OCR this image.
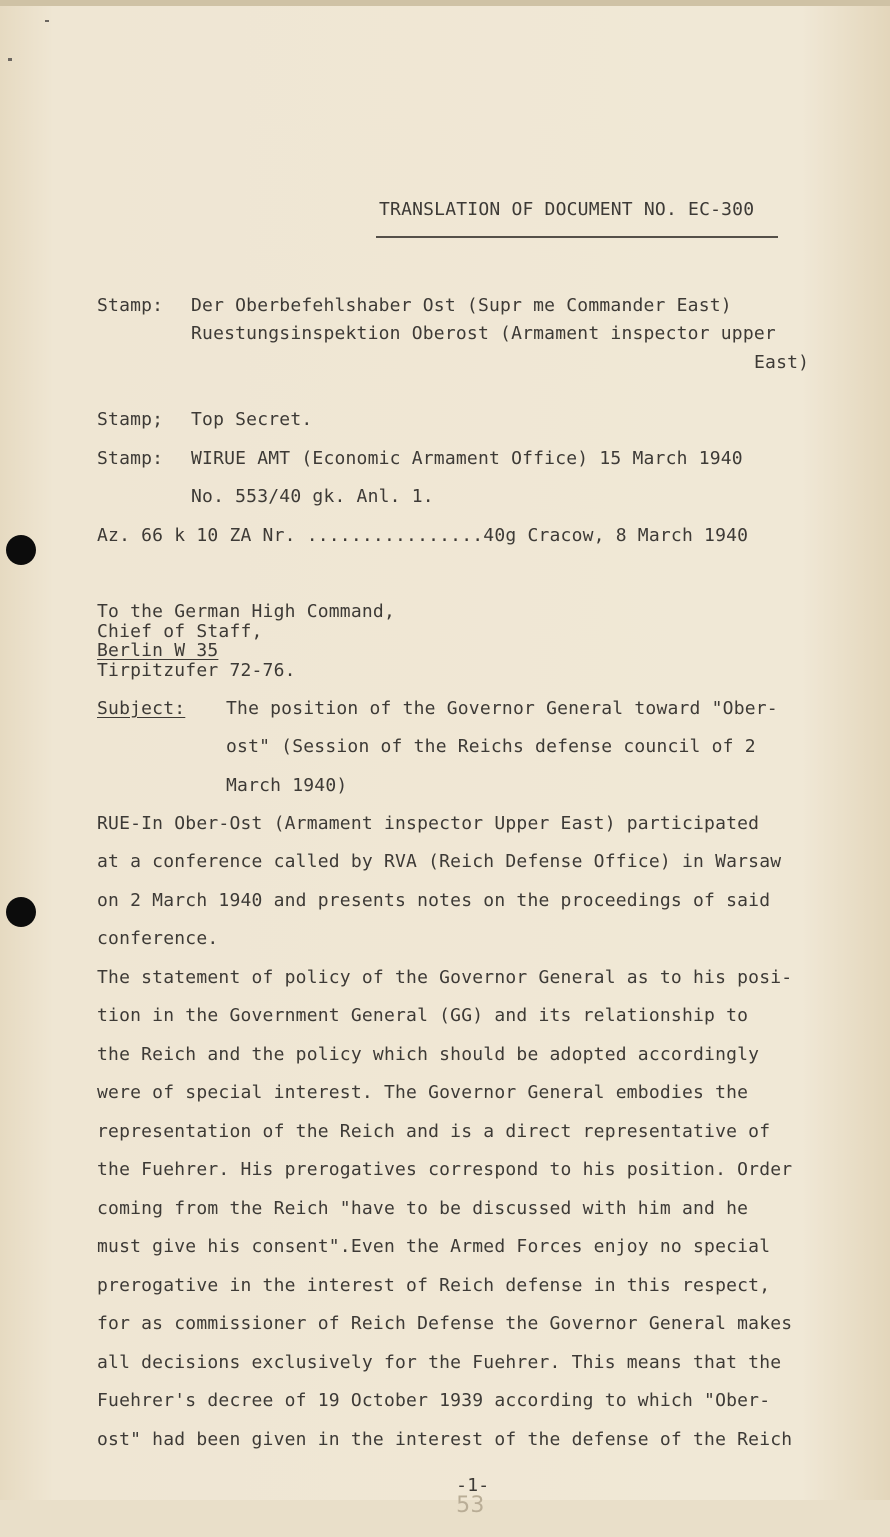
TRANSLATION OF DOCUMENT NO. EC-300
Stamp: Der Oberbefehlshaber Ost (Supr me Commander East)
Ruestungsinspektion Oberost (Armament inspector upper
East)
Stamp; Top Secret.
Stamp: WIRUE AMT (Economic Armament Office) 15 March 1940
No. 553/40 gk. Anl. 1.
Az. 66 k 10 ZA Nr. ................40g Cracow, 8 March 1940
To the German High Command,
Chief of Staff,
Berlin W 35
Tirpitzufer 72-76.
Subject: The position of the Governor General toward "Ober-
ost" (Session of the Reichs defense council of 2
March 1940)
RUE-In Ober-Ost (Armament inspector Upper East) participated
at a conference called by RVA (Reich Defense Office) in Warsaw
on 2 March 1940 and presents notes on the proceedings of said
conference.
The statement of policy of the Governor General as to his posi-
tion in the Government General (GG) and its relationship to
the Reich and the policy which should be adopted accordingly
were of special interest. The Governor General embodies the
representation of the Reich and is a direct representative of
the Fuehrer. His prerogatives correspond to his position. Order
coming from the Reich "have to be discussed with him and he
must give his consent".Even the Armed Forces enjoy no special
prerogative in the interest of Reich defense in this respect,
for as commissioner of Reich Defense the Governor General makes
all decisions exclusively for the Fuehrer. This means that the
Fuehrer's decree of 19 October 1939 according to which "Ober-
ost" had been given in the interest of the defense of the Reich

-1-
53
